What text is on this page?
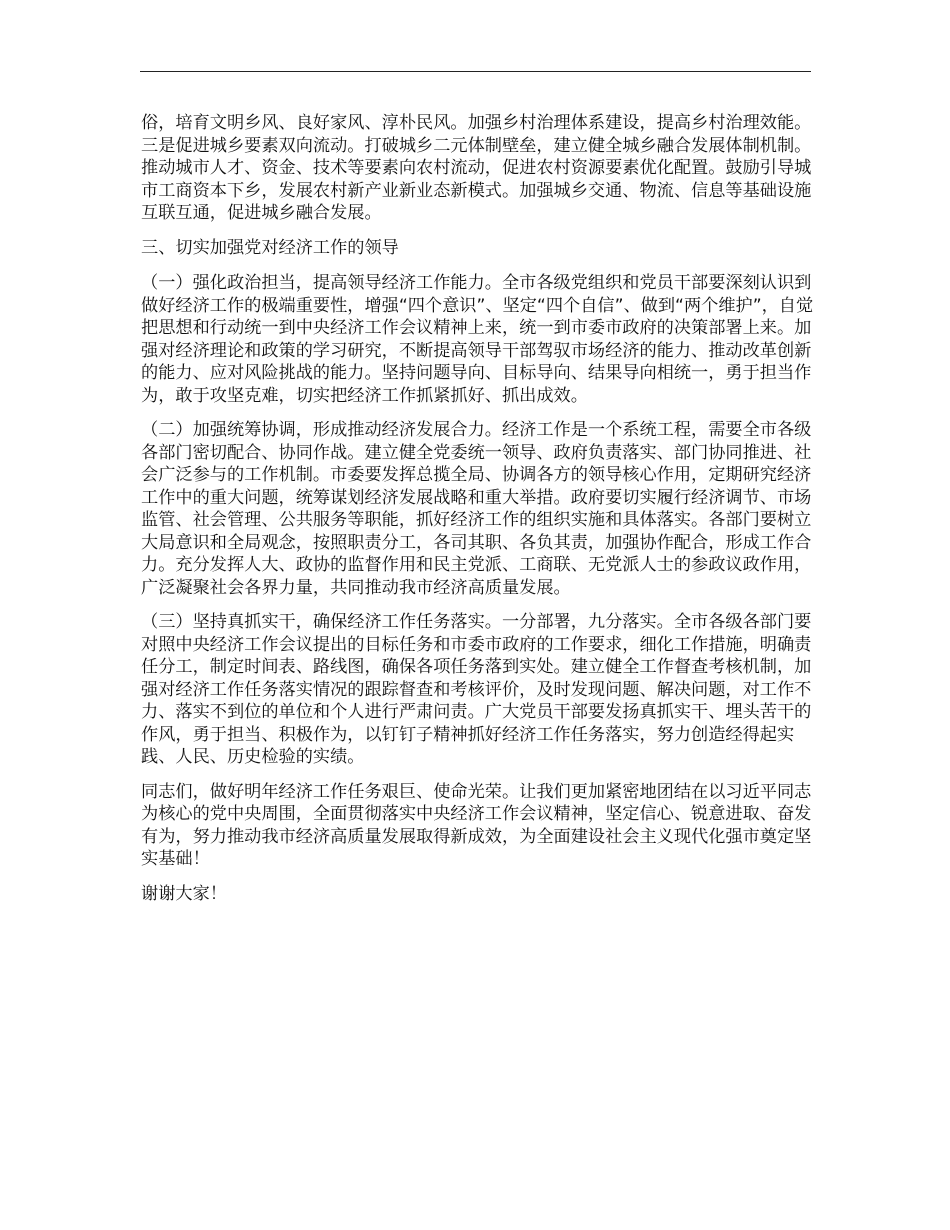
俗，培育文明乡风、良好家风、淳朴民风。加强乡村治理体系建设，提高乡村治理效能。三是促进城乡要素双向流动。打破城乡二元体制壁垒，建立健全城乡融合发展体制机制。推动城市人才、资金、技术等要素向农村流动，促进农村资源要素优化配置。鼓励引导城市工商资本下乡，发展农村新产业新业态新模式。加强城乡交通、物流、信息等基础设施互联互通，促进城乡融合发展。

三、切实加强党对经济工作的领导

（一）强化政治担当，提高领导经济工作能力。全市各级党组织和党员干部要深刻认识到做好经济工作的极端重要性，增强“四个意识”、坚定“四个自信”、做到“两个维护”，自觉把思想和行动统一到中央经济工作会议精神上来，统一到市委市政府的决策部署上来。加强对经济理论和政策的学习研究，不断提高领导干部驾驭市场经济的能力、推动改革创新的能力、应对风险挑战的能力。坚持问题导向、目标导向、结果导向相统一，勇于担当作为，敢于攻坚克难，切实把经济工作抓紧抓好、抓出成效。

（二）加强统筹协调，形成推动经济发展合力。经济工作是一个系统工程，需要全市各级各部门密切配合、协同作战。建立健全党委统一领导、政府负责落实、部门协同推进、社会广泛参与的工作机制。市委要发挥总揽全局、协调各方的领导核心作用，定期研究经济工作中的重大问题，统筹谋划经济发展战略和重大举措。政府要切实履行经济调节、市场监管、社会管理、公共服务等职能，抓好经济工作的组织实施和具体落实。各部门要树立大局意识和全局观念，按照职责分工，各司其职、各负其责，加强协作配合，形成工作合力。充分发挥人大、政协的监督作用和民主党派、工商联、无党派人士的参政议政作用，广泛凝聚社会各界力量，共同推动我市经济高质量发展。

（三）坚持真抓实干，确保经济工作任务落实。一分部署，九分落实。全市各级各部门要对照中央经济工作会议提出的目标任务和市委市政府的工作要求，细化工作措施，明确责任分工，制定时间表、路线图，确保各项任务落到实处。建立健全工作督查考核机制，加强对经济工作任务落实情况的跟踪督查和考核评价，及时发现问题、解决问题，对工作不力、落实不到位的单位和个人进行严肃问责。广大党员干部要发扬真抓实干、埋头苦干的作风，勇于担当、积极作为，以钉钉子精神抓好经济工作任务落实，努力创造经得起实践、人民、历史检验的实绩。

同志们，做好明年经济工作任务艰巨、使命光荣。让我们更加紧密地团结在以习近平同志为核心的党中央周围，全面贯彻落实中央经济工作会议精神，坚定信心、锐意进取、奋发有为，努力推动我市经济高质量发展取得新成效，为全面建设社会主义现代化强市奠定坚实基础！

谢谢大家！
